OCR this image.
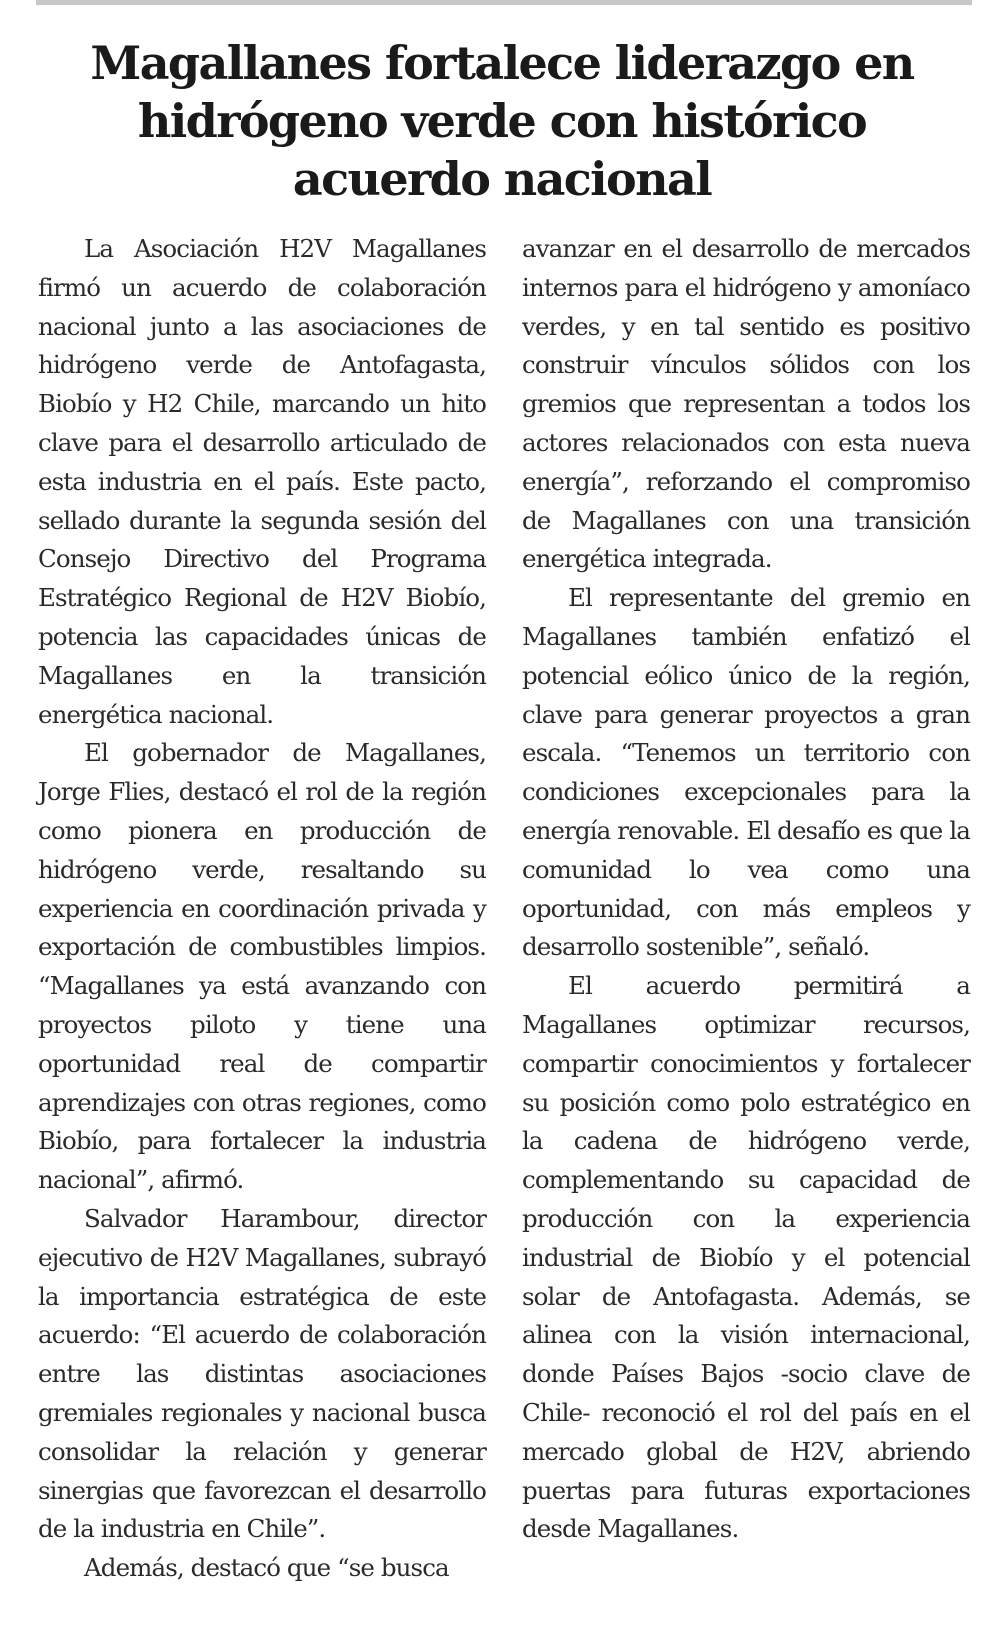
Magallanes fortalece liderazgo en hidrógeno verde con histórico acuerdo nacional

La Asociación H2V Magallanes firmó un acuerdo de colaboración nacional junto a las asociaciones de hidrógeno verde de Antofagasta, Biobío y H2 Chile, marcando un hito clave para el desarrollo articulado de esta industria en el país. Este pacto, sellado durante la segunda sesión del Consejo Directivo del Programa Estratégico Regional de H2V Biobío, potencia las capacidades únicas de Magallanes en la transición energética nacional.

El gobernador de Magallanes, Jorge Flies, destacó el rol de la región como pionera en producción de hidrógeno verde, resaltando su experiencia en coordinación privada y exportación de combustibles limpios. “Magallanes ya está avanzando con proyectos piloto y tiene una oportunidad real de compartir aprendizajes con otras regiones, como Biobío, para fortalecer la industria nacional”, afirmó.

Salvador Harambour, director ejecutivo de H2V Magallanes, subrayó la importancia estratégica de este acuerdo: “El acuerdo de colaboración entre las distintas asociaciones gremiales regionales y nacional busca consolidar la relación y generar sinergias que favorezcan el desarrollo de la industria en Chile”.

Además, destacó que “se busca

avanzar en el desarrollo de mercados internos para el hidrógeno y amoníaco verdes, y en tal sentido es positivo construir vínculos sólidos con los gremios que representan a todos los actores relacionados con esta nueva energía”, reforzando el compromiso de Magallanes con una transición energética integrada.

El representante del gremio en Magallanes también enfatizó el potencial eólico único de la región, clave para generar proyectos a gran escala. “Tenemos un territorio con condiciones excepcionales para la energía renovable. El desafío es que la comunidad lo vea como una oportunidad, con más empleos y desarrollo sostenible”, señaló.

El acuerdo permitirá a Magallanes optimizar recursos, compartir conocimientos y fortalecer su posición como polo estratégico en la cadena de hidrógeno verde, complementando su capacidad de producción con la experiencia industrial de Biobío y el potencial solar de Antofagasta. Además, se alinea con la visión internacional, donde Países Bajos -socio clave de Chile- reconoció el rol del país en el mercado global de H2V, abriendo puertas para futuras exportaciones desde Magallanes.
